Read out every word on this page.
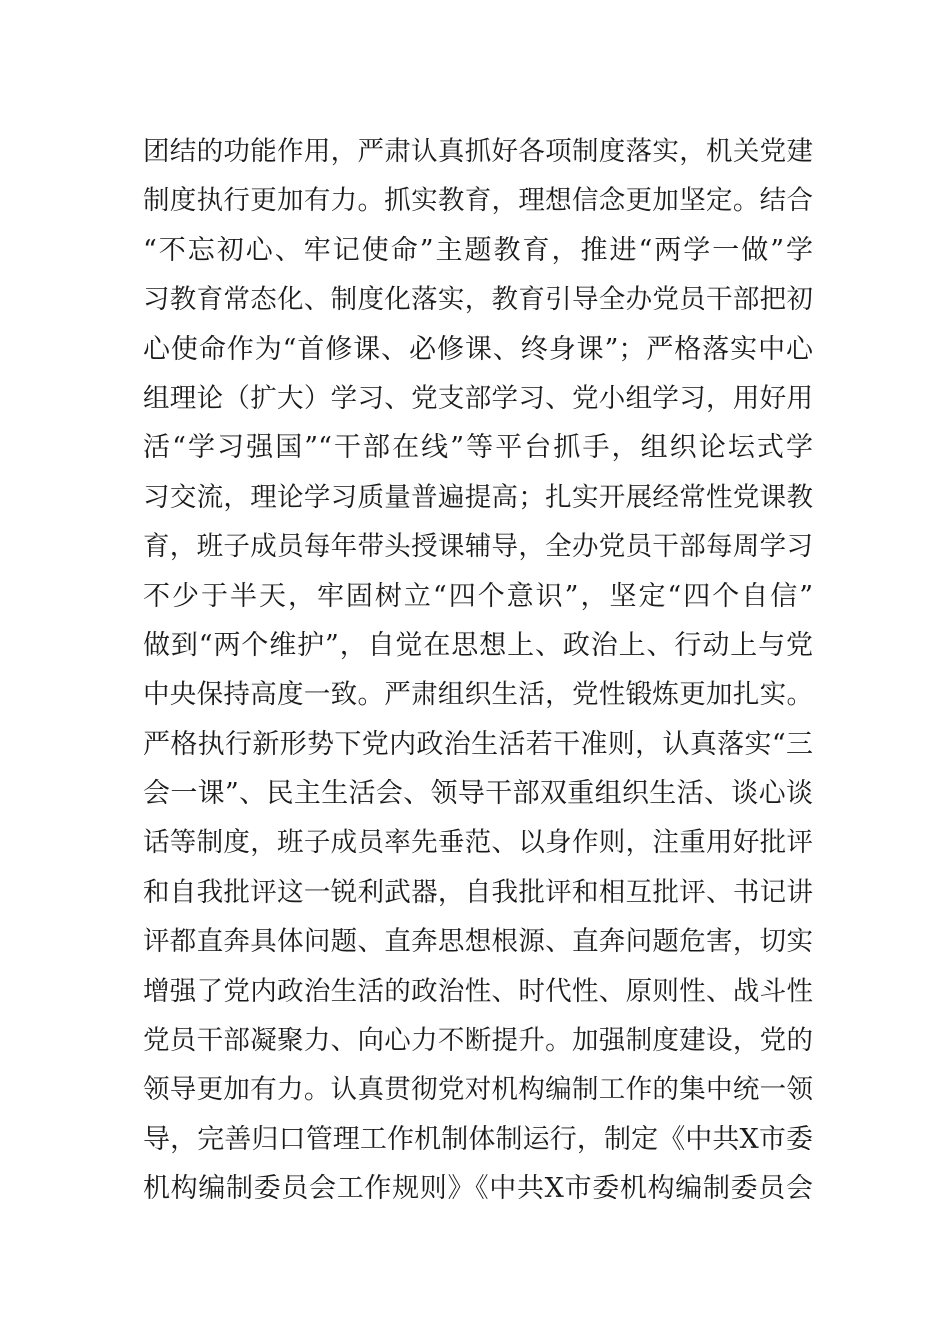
团结的功能作用，严肃认真抓好各项制度落实，机关党建
制度执行更加有力。抓实教育，理想信念更加坚定。结合
“不忘初心、牢记使命”主题教育，推进“两学一做”学
习教育常态化、制度化落实，教育引导全办党员干部把初
心使命作为“首修课、必修课、终身课”；严格落实中心
组理论（扩大）学习、党支部学习、党小组学习，用好用
活“学习强国”“干部在线”等平台抓手，组织论坛式学
习交流，理论学习质量普遍提高；扎实开展经常性党课教
育，班子成员每年带头授课辅导，全办党员干部每周学习
不少于半天，牢固树立“四个意识”，坚定“四个自信”
做到“两个维护”，自觉在思想上、政治上、行动上与党
中央保持高度一致。严肃组织生活，党性锻炼更加扎实。
严格执行新形势下党内政治生活若干准则，认真落实“三
会一课”、民主生活会、领导干部双重组织生活、谈心谈
话等制度，班子成员率先垂范、以身作则，注重用好批评
和自我批评这一锐利武器，自我批评和相互批评、书记讲
评都直奔具体问题、直奔思想根源、直奔问题危害，切实
增强了党内政治生活的政治性、时代性、原则性、战斗性
党员干部凝聚力、向心力不断提升。加强制度建设，党的
领导更加有力。认真贯彻党对机构编制工作的集中统一领
导，完善归口管理工作机制体制运行，制定《中共X市委
机构编制委员会工作规则》《中共X市委机构编制委员会
